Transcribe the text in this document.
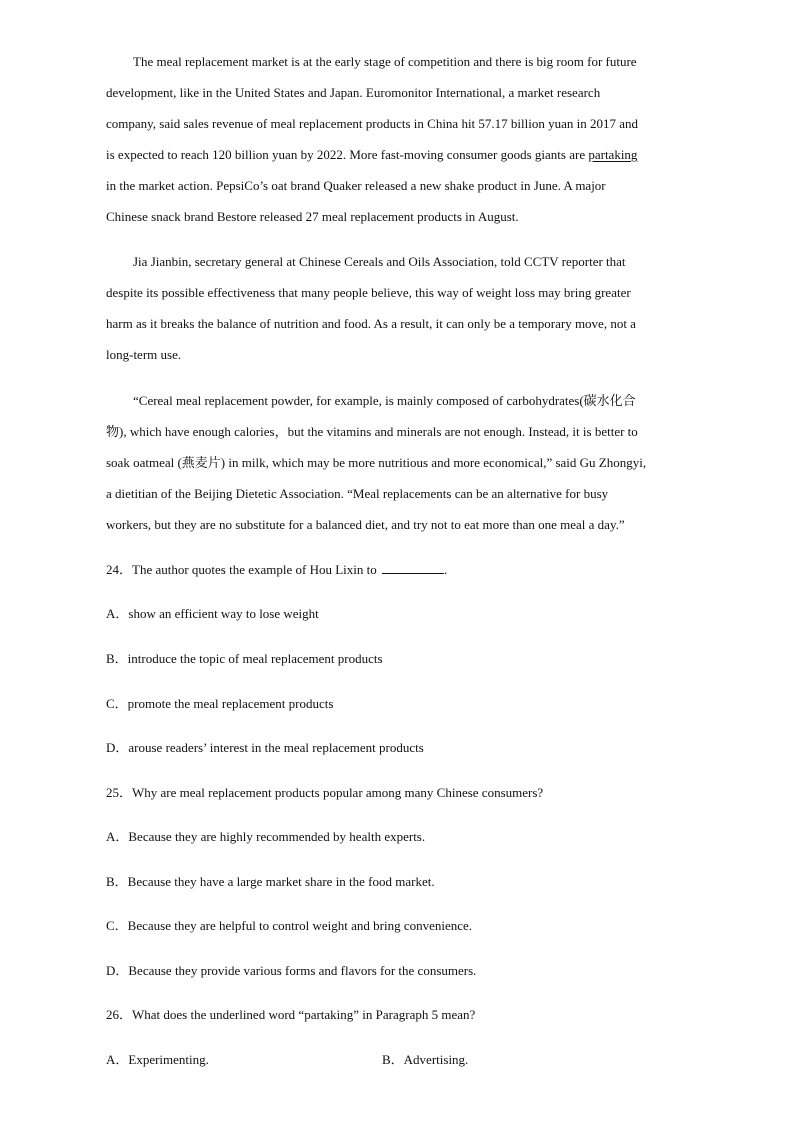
The meal replacement market is at the early stage of competition and there is big room for future
development, like in the United States and Japan. Euromonitor International, a market research
company, said sales revenue of meal replacement products in China hit 57.17 billion yuan in 2017 and
is expected to reach 120 billion yuan by 2022. More fast-moving consumer goods giants are partaking
in the market action. PepsiCo’s oat brand Quaker released a new shake product in June. A major
Chinese snack brand Bestore released 27 meal replacement products in August.
Jia Jianbin, secretary general at Chinese Cereals and Oils Association, told CCTV reporter that
despite its possible effectiveness that many people believe, this way of weight loss may bring greater
harm as it breaks the balance of nutrition and food. As a result, it can only be a temporary move, not a
long-term use.
“Cereal meal replacement powder, for example, is mainly composed of carbohydrates(碳水化合
物), which have enough calories，but the vitamins and minerals are not enough. Instead, it is better to
soak oatmeal (燕麦片) in milk, which may be more nutritious and more economical,” said Gu Zhongyi,
a dietitian of the Beijing Dietetic Association. “Meal replacements can be an alternative for busy
workers, but they are no substitute for a balanced diet, and try not to eat more than one meal a day.”
24．The author quotes the example of Hou Lixin to	.
A．show an efficient way to lose weight
B．introduce the topic of meal replacement products
C．promote the meal replacement products
D．arouse readers’ interest in the meal replacement products
25．Why are meal replacement products popular among many Chinese consumers?
A．Because they are highly recommended by health experts.
B．Because they have a large market share in the food market.
C．Because they are helpful to control weight and bring convenience.
D．Because they provide various forms and flavors for the consumers.
26．What does the underlined word “partaking” in Paragraph 5 mean?
A．Experimenting.	B．Advertising.
